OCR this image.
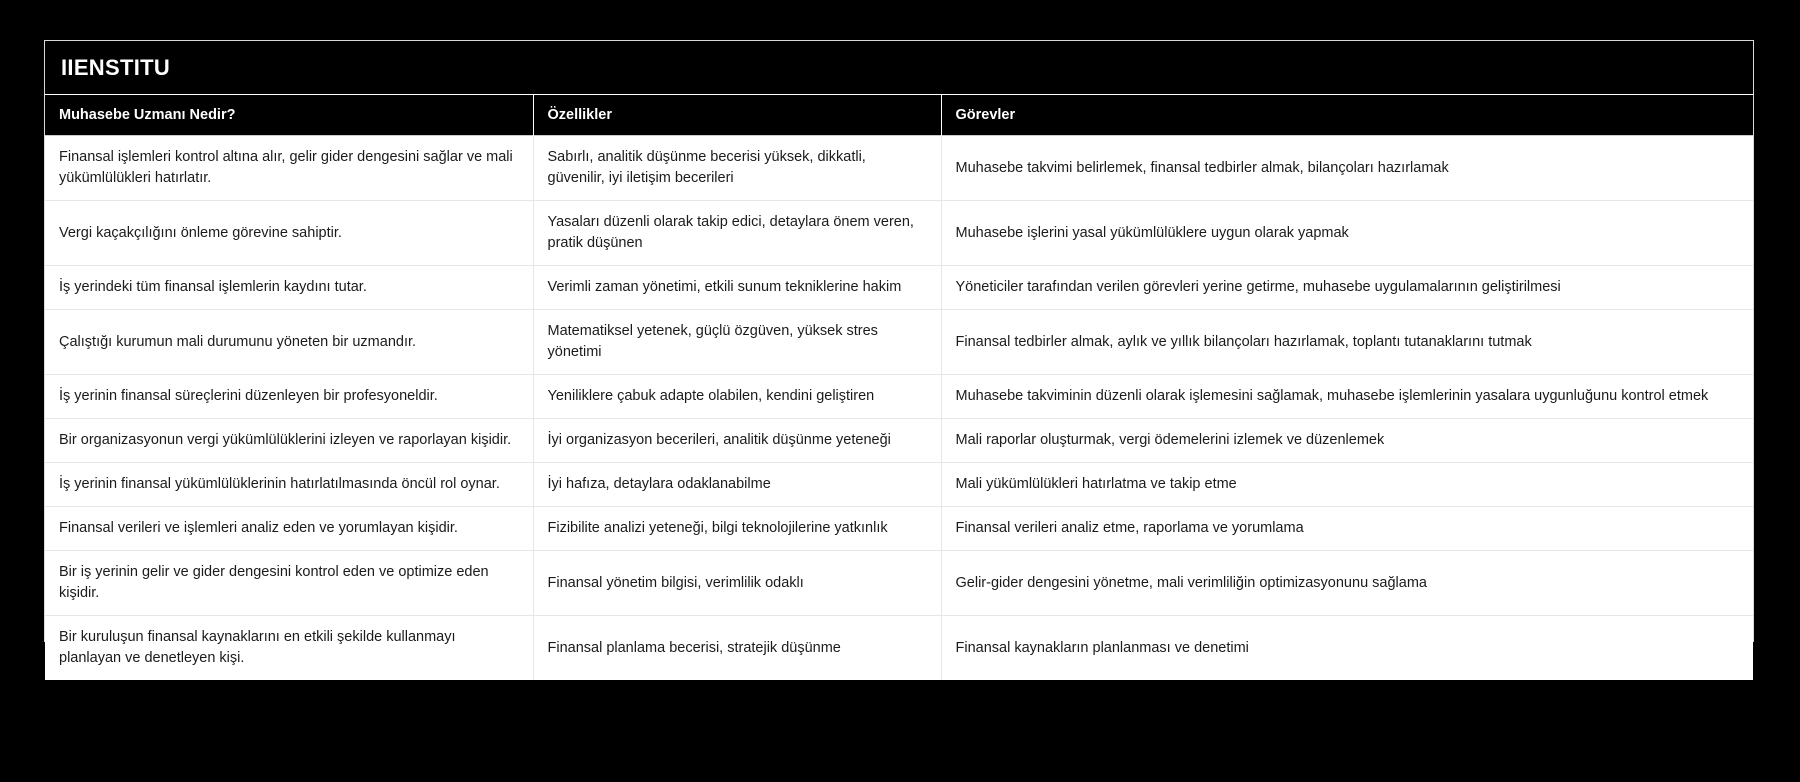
IIENSTITU
Muhasebe Uzmanı Nedir?	Özellikler	Görevler
Finansal işlemleri kontrol altına alır, gelir gider dengesini sağlar ve mali yükümlülükleri hatırlatır.	Sabırlı, analitik düşünme becerisi yüksek, dikkatli, güvenilir, iyi iletişim becerileri	Muhasebe takvimi belirlemek, finansal tedbirler almak, bilançoları hazırlamak
Vergi kaçakçılığını önleme görevine sahiptir.	Yasaları düzenli olarak takip edici, detaylara önem veren, pratik düşünen	Muhasebe işlerini yasal yükümlülüklere uygun olarak yapmak
İş yerindeki tüm finansal işlemlerin kaydını tutar.	Verimli zaman yönetimi, etkili sunum tekniklerine hakim	Yöneticiler tarafından verilen görevleri yerine getirme, muhasebe uygulamalarının geliştirilmesi
Çalıştığı kurumun mali durumunu yöneten bir uzmandır.	Matematiksel yetenek, güçlü özgüven, yüksek stres yönetimi	Finansal tedbirler almak, aylık ve yıllık bilançoları hazırlamak, toplantı tutanaklarını tutmak
İş yerinin finansal süreçlerini düzenleyen bir profesyoneldir.	Yeniliklere çabuk adapte olabilen, kendini geliştiren	Muhasebe takviminin düzenli olarak işlemesini sağlamak, muhasebe işlemlerinin yasalara uygunluğunu kontrol etmek
Bir organizasyonun vergi yükümlülüklerini izleyen ve raporlayan kişidir.	İyi organizasyon becerileri, analitik düşünme yeteneği	Mali raporlar oluşturmak, vergi ödemelerini izlemek ve düzenlemek
İş yerinin finansal yükümlülüklerinin hatırlatılmasında öncül rol oynar.	İyi hafıza, detaylara odaklanabilme	Mali yükümlülükleri hatırlatma ve takip etme
Finansal verileri ve işlemleri analiz eden ve yorumlayan kişidir.	Fizibilite analizi yeteneği, bilgi teknolojilerine yatkınlık	Finansal verileri analiz etme, raporlama ve yorumlama
Bir iş yerinin gelir ve gider dengesini kontrol eden ve optimize eden kişidir.	Finansal yönetim bilgisi, verimlilik odaklı	Gelir-gider dengesini yönetme, mali verimliliğin optimizasyonunu sağlama
Bir kuruluşun finansal kaynaklarını en etkili şekilde kullanmayı planlayan ve denetleyen kişi.	Finansal planlama becerisi, stratejik düşünme	Finansal kaynakların planlanması ve denetimi
